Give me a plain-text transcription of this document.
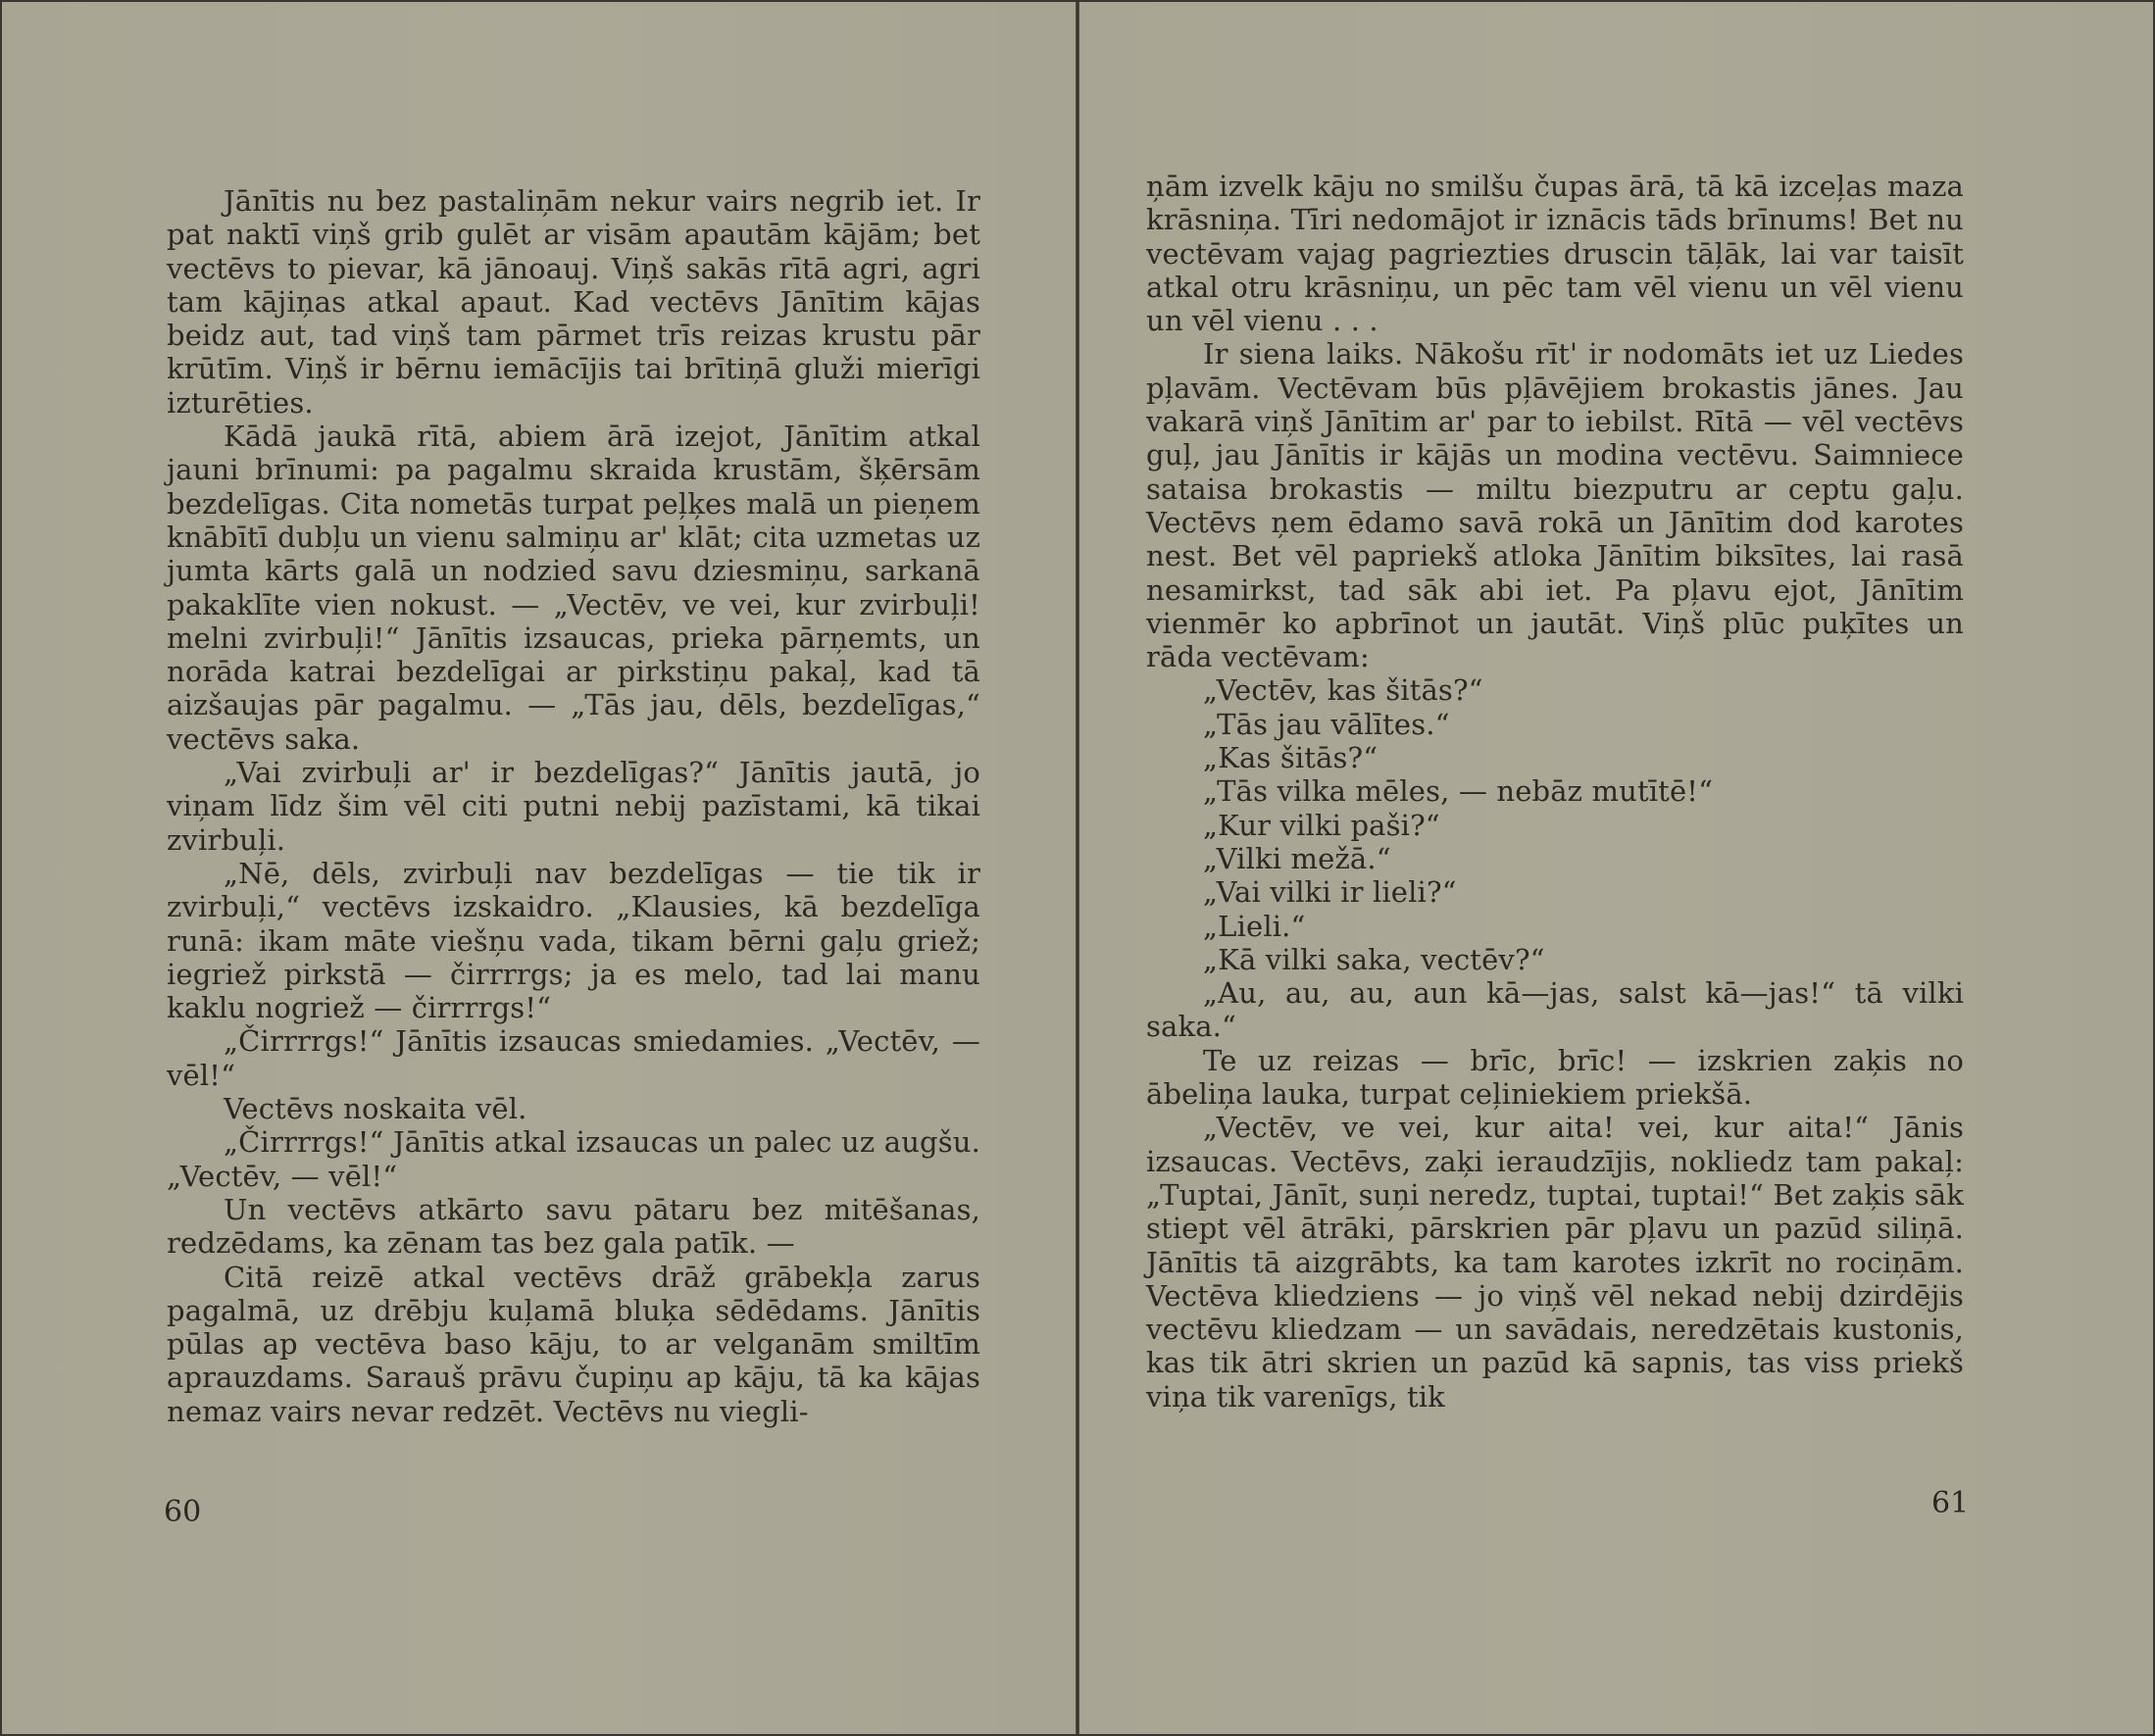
Jānītis nu bez pastaliņām nekur vairs negrib iet. Ir pat naktī viņš grib gulēt ar visām apautām kājām; bet vectēvs to pievar, kā jānoauj. Viņš sakās rītā agri, agri tam kājiņas atkal apaut. Kad vectēvs Jānītim kājas beidz aut, tad viņš tam pārmet trīs reizas krustu pār krūtīm. Viņš ir bērnu iemācījis tai brītiņā gluži mierīgi izturēties.

Kādā jaukā rītā, abiem ārā izejot, Jānītim atkal jauni brīnumi: pa pagalmu skraida krustām, šķērsām bezdelīgas. Cita nometās turpat peļķes malā un pieņem knābītī dubļu un vienu salmiņu ar' klāt; cita uzmetas uz jumta kārts galā un nodzied savu dziesmiņu, sarkanā pakaklīte vien nokust. — „Vectēv, ve vei, kur zvirbuļi! melni zvirbuļi!“ Jānītis izsaucas, prieka pārņemts, un norāda katrai bezdelīgai ar pirkstiņu pakaļ, kad tā aizšaujas pār pagalmu. — „Tās jau, dēls, bezdelīgas,“ vectēvs saka.

„Vai zvirbuļi ar' ir bezdelīgas?“ Jānītis jautā, jo viņam līdz šim vēl citi putni nebij pazīstami, kā tikai zvirbuļi.

„Nē, dēls, zvirbuļi nav bezdelīgas — tie tik ir zvirbuļi,“ vectēvs izskaidro. „Klausies, kā bezdelīga runā: ikam māte viešņu vada, tikam bērni gaļu griež; iegriež pirkstā — čirrrrgs; ja es melo, tad lai manu kaklu nogriež — čirrrrgs!“

„Čirrrrgs!“ Jānītis izsaucas smiedamies. „Vectēv, — vēl!“

Vectēvs noskaita vēl.

„Čirrrrgs!“ Jānītis atkal izsaucas un palec uz augšu. „Vectēv, — vēl!“

Un vectēvs atkārto savu pātaru bez mitēšanas, redzēdams, ka zēnam tas bez gala patīk. —

Citā reizē atkal vectēvs drāž grābekļa zarus pagalmā, uz drēbju kuļamā bluķa sēdēdams. Jānītis pūlas ap vectēva baso kāju, to ar velganām smiltīm aprauzdams. Sarauš prāvu čupiņu ap kāju, tā ka kājas nemaz vairs nevar redzēt. Vectēvs nu viegli-

60

ņām izvelk kāju no smilšu čupas ārā, tā kā izceļas maza krāsniņa. Tīri nedomājot ir iznācis tāds brīnums! Bet nu vectēvam vajag pagriezties druscin tāļāk, lai var taisīt atkal otru krāsniņu, un pēc tam vēl vienu un vēl vienu un vēl vienu . . .

Ir siena laiks. Nākošu rīt' ir nodomāts iet uz Liedes pļavām. Vectēvam būs pļāvējiem brokastis jānes. Jau vakarā viņš Jānītim ar' par to iebilst. Rītā — vēl vectēvs guļ, jau Jānītis ir kājās un modina vectēvu. Saimniece sataisa brokastis — miltu biezputru ar ceptu gaļu. Vectēvs ņem ēdamo savā rokā un Jānītim dod karotes nest. Bet vēl papriekš atloka Jānītim biksītes, lai rasā nesamirkst, tad sāk abi iet. Pa pļavu ejot, Jānītim vienmēr ko apbrīnot un jautāt. Viņš plūc puķītes un rāda vectēvam:

„Vectēv, kas šitās?“

„Tās jau vālītes.“

„Kas šitās?“

„Tās vilka mēles, — nebāz mutītē!“

„Kur vilki paši?“

„Vilki mežā.“

„Vai vilki ir lieli?“

„Lieli.“

„Kā vilki saka, vectēv?“

„Au, au, au, aun kā—jas, salst kā—jas!“ tā vilki saka.“

Te uz reizas — brīc, brīc! — izskrien zaķis no ābeliņa lauka, turpat ceļiniekiem priekšā.

„Vectēv, ve vei, kur aita! vei, kur aita!“ Jānis izsaucas. Vectēvs, zaķi ieraudzījis, nokliedz tam pakaļ: „Tuptai, Jānīt, suņi neredz, tuptai, tuptai!“ Bet zaķis sāk stiept vēl ātrāki, pārskrien pār pļavu un pazūd siliņā. Jānītis tā aizgrābts, ka tam karotes izkrīt no rociņām. Vectēva kliedziens — jo viņš vēl nekad nebij dzirdējis vectēvu kliedzam — un savādais, neredzētais kustonis, kas tik ātri skrien un pazūd kā sapnis, tas viss priekš viņa tik varenīgs, tik

61
